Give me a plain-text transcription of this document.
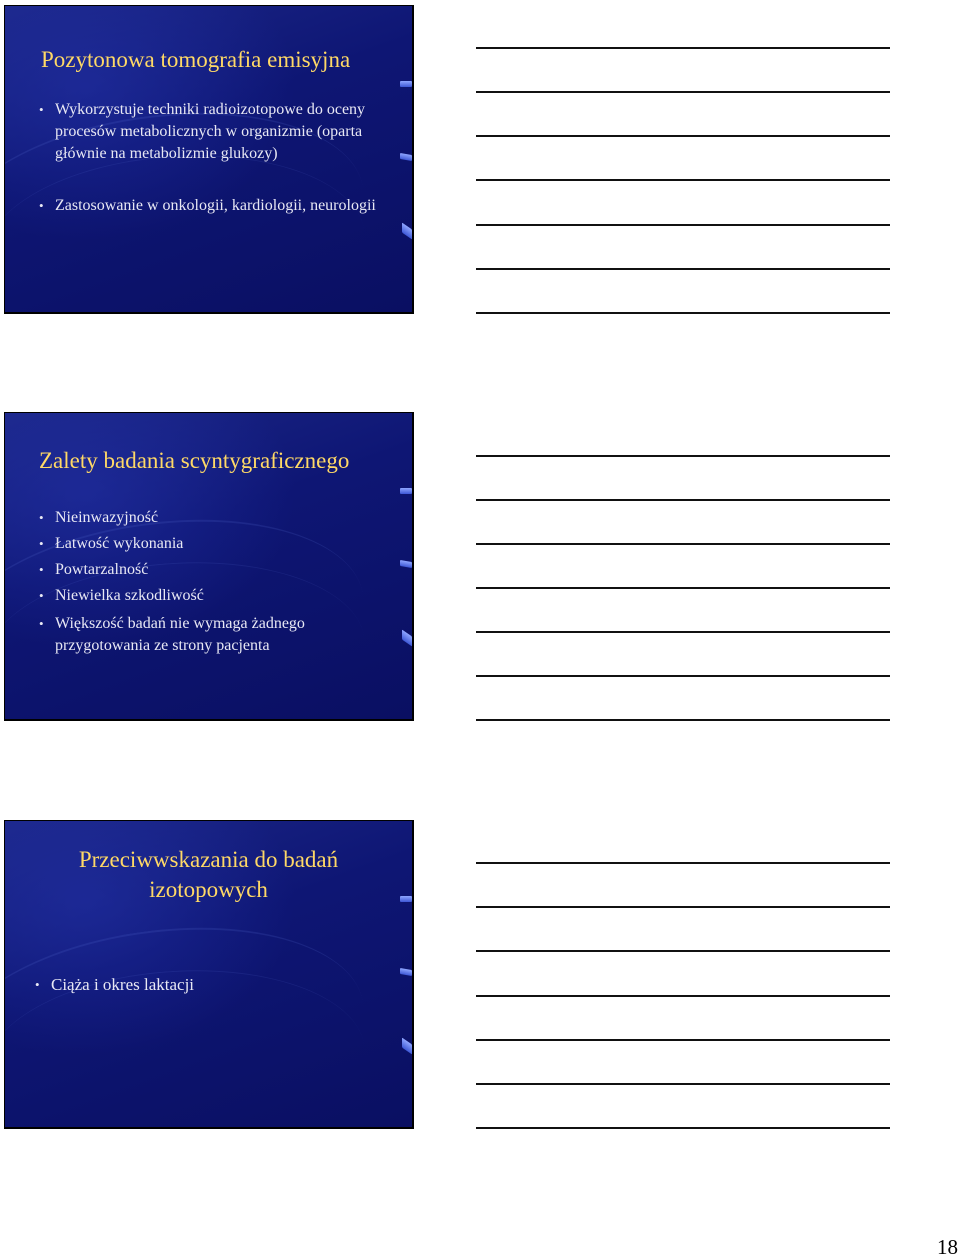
Pozytonowa tomografia emisyjna
• Wykorzystuje techniki radioizotopowe do oceny procesów metabolicznych w organizmie (oparta głównie na metabolizmie glukozy)
• Zastosowanie w onkologii, kardiologii, neurologii
Zalety badania scyntygraficznego
• Nieinwazyjność
• Łatwość wykonania
• Powtarzalność
• Niewielka szkodliwość
• Większość badań nie wymaga żadnego przygotowania ze strony pacjenta
Przeciwwskazania do badań izotopowych
• Ciąża i okres laktacji
18
